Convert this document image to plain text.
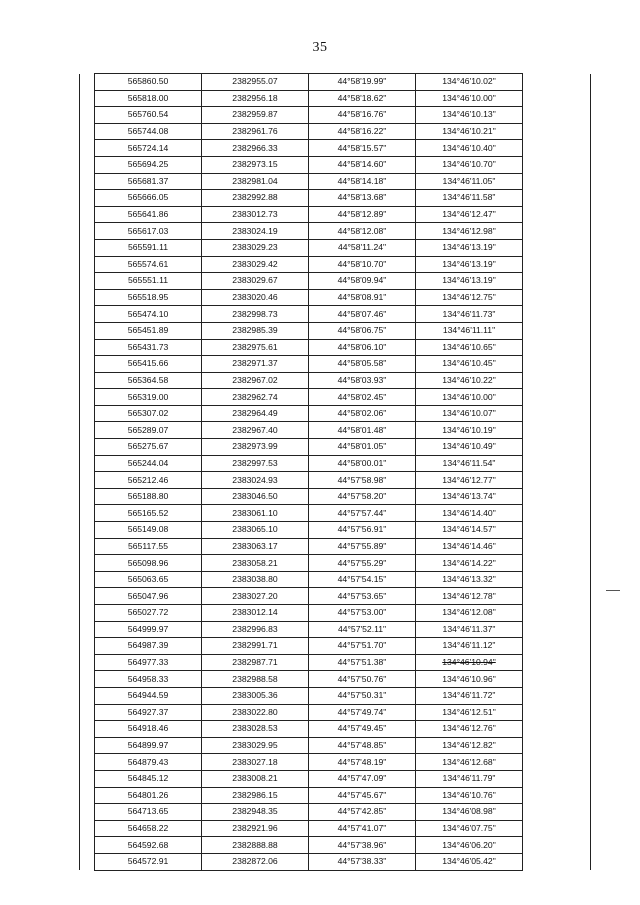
35
	565860.50	2382955.07	44°58'19.99"	134°46'10.02"	
	565818.00	2382956.18	44°58'18.62"	134°46'10.00"	
	565760.54	2382959.87	44°58'16.76"	134°46'10.13"	
	565744.08	2382961.76	44°58'16.22"	134°46'10.21"	
	565724.14	2382966.33	44°58'15.57"	134°46'10.40"	
	565694.25	2382973.15	44°58'14.60"	134°46'10.70"	
	565681.37	2382981.04	44°58'14.18"	134°46'11.05"	
	565666.05	2382992.88	44°58'13.68"	134°46'11.58"	
	565641.86	2383012.73	44°58'12.89"	134°46'12.47"	
	565617.03	2383024.19	44°58'12.08"	134°46'12.98"	
	565591.11	2383029.23	44°58'11.24"	134°46'13.19"	
	565574.61	2383029.42	44°58'10.70"	134°46'13.19"	
	565551.11	2383029.67	44°58'09.94"	134°46'13.19"	
	565518.95	2383020.46	44°58'08.91"	134°46'12.75"	
	565474.10	2382998.73	44°58'07.46"	134°46'11.73"	
	565451.89	2382985.39	44°58'06.75"	134°46'11.11"	
	565431.73	2382975.61	44°58'06.10"	134°46'10.65"	
	565415.66	2382971.37	44°58'05.58"	134°46'10.45"	
	565364.58	2382967.02	44°58'03.93"	134°46'10.22"	
	565319.00	2382962.74	44°58'02.45"	134°46'10.00"	
	565307.02	2382964.49	44°58'02.06"	134°46'10.07"	
	565289.07	2382967.40	44°58'01.48"	134°46'10.19"	
	565275.67	2382973.99	44°58'01.05"	134°46'10.49"	
	565244.04	2382997.53	44°58'00.01"	134°46'11.54"	
	565212.46	2383024.93	44°57'58.98"	134°46'12.77"	
	565188.80	2383046.50	44°57'58.20"	134°46'13.74"	
	565165.52	2383061.10	44°57'57.44"	134°46'14.40"	
	565149.08	2383065.10	44°57'56.91"	134°46'14.57"	
	565117.55	2383063.17	44°57'55.89"	134°46'14.46"	
	565098.96	2383058.21	44°57'55.29"	134°46'14.22"	
	565063.65	2383038.80	44°57'54.15"	134°46'13.32"	
	565047.96	2383027.20	44°57'53.65"	134°46'12.78"	
	565027.72	2383012.14	44°57'53.00"	134°46'12.08"	
	564999.97	2382996.83	44°57'52.11"	134°46'11.37"	
	564987.39	2382991.71	44°57'51.70"	134°46'11.12"	
	564977.33	2382987.71	44°57'51.38"	134°46'10.94"	
	564958.33	2382988.58	44°57'50.76"	134°46'10.96"	
	564944.59	2383005.36	44°57'50.31"	134°46'11.72"	
	564927.37	2383022.80	44°57'49.74"	134°46'12.51"	
	564918.46	2383028.53	44°57'49.45"	134°46'12.76"	
	564899.97	2383029.95	44°57'48.85"	134°46'12.82"	
	564879.43	2383027.18	44°57'48.19"	134°46'12.68"	
	564845.12	2383008.21	44°57'47.09"	134°46'11.79"	
	564801.26	2382986.15	44°57'45.67"	134°46'10.76"	
	564713.65	2382948.35	44°57'42.85"	134°46'08.98"	
	564658.22	2382921.96	44°57'41.07"	134°46'07.75"	
	564592.68	2382888.88	44°57'38.96"	134°46'06.20"	
	564572.91	2382872.06	44°57'38.33"	134°46'05.42"	
